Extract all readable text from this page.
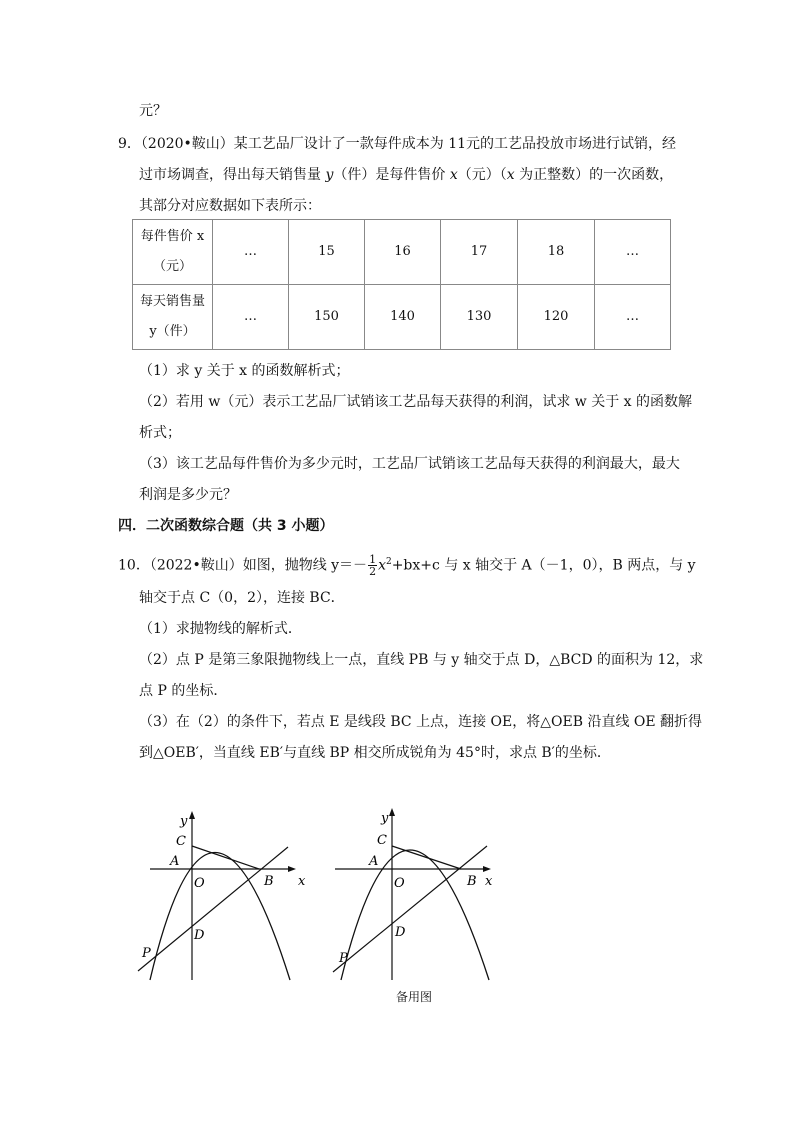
元？
9．（2020•鞍山）某工艺品厂设计了一款每件成本为 11元的工艺品投放市场进行试销，经
过市场调查，得出每天销售量 y（件）是每件售价 x（元）（x 为正整数）的一次函数，
其部分对应数据如下表所示：
每件售价 x
（元）	…	15	16	17	18	…

每天销售量
y（件）	…	150	140	130	120	…
（1）求 y 关于 x 的函数解析式；
（2）若用 w（元）表示工艺品厂试销该工艺品每天获得的利润，试求 w 关于 x 的函数解
析式；
（3）该工艺品每件售价为多少元时，工艺品厂试销该工艺品每天获得的利润最大，最大
利润是多少元？
四．二次函数综合题（共 3 小题）
10．（2022•鞍山）如图，抛物线 $y=- \frac{1}{2} x^2+bx+c$ 与 x 轴交于 A（－1，0），B 两点，与 y
轴交于点 C（0，2），连接 BC．
（1）求抛物线的解析式．
（2）点 P 是第三象限抛物线上一点，直线 PB 与 y 轴交于点 D，△BCD 的面积为 12，求
点 P 的坐标．
（3）在（2）的条件下，若点 E 是线段 BC 上点，连接 OE，将△OEB 沿直线 OE 翻折得
到△OEB′，当直线 EB′与直线 BP 相交所成锐角为 45°时，求点 B′的坐标．
y
x
C
A
O	B
D
P
y
x
C
A
O	B
D
P
备用图
